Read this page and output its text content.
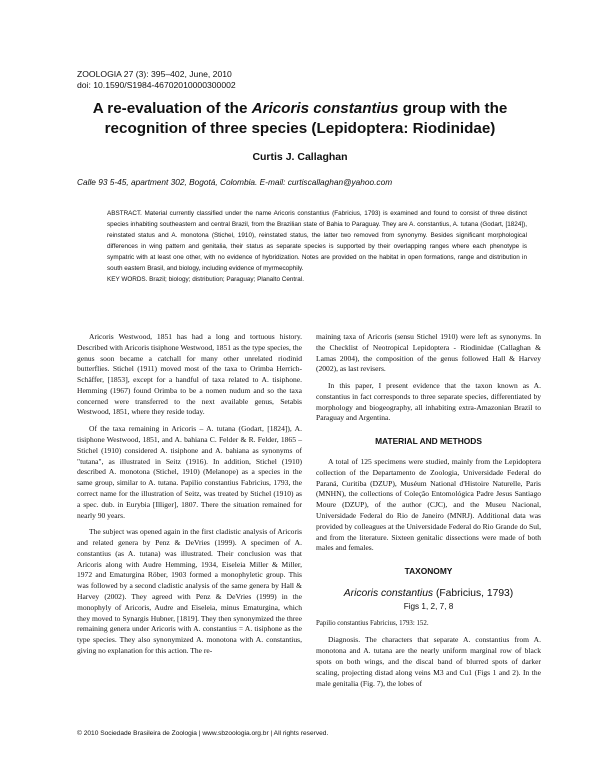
ZOOLOGIA 27 (3): 395–402, June, 2010
doi: 10.1590/S1984-46702010000300002
A re-evaluation of the Aricoris constantius group with the recognition of three species (Lepidoptera: Riodinidae)
Curtis J. Callaghan
Calle 93 5-45, apartment 302, Bogotá, Colombia. E-mail: curtiscallaghan@yahoo.com

ABSTRACT. Material currently classified under the name Aricoris constantius (Fabricius, 1793) is examined and found to consist of three distinct species inhabiting southeastern and central Brazil, from the Brazilian state of Bahia to Paraguay. They are A. constantius, A. tutana (Godart, [1824]), reinstated status and A. monotona (Stichel, 1910), reinstated status, the latter two removed from synonymy. Besides significant morphological differences in wing pattern and genitalia, their status as separate species is supported by their overlapping ranges where each phenotype is sympatric with at least one other, with no evidence of hybridization. Notes are provided on the habitat in open formations, range and distribution in south eastern Brasil, and biology, including evidence of myrmecophily.

KEY WORDS. Brazil; biology; distribution; Paraguay; Planalto Central.

Aricoris Westwood, 1851 has had a long and tortuous history. Described with Aricoris tisiphone Westwood, 1851 as the type species, the genus soon became a catchall for many other unrelated riodinid butterflies. Stichel (1911) moved most of the taxa to Orimba Herrich-Schäffer, [1853], except for a handful of taxa related to A. tisiphone. Hemming (1967) found Orimba to be a nomen nudum and so the taxa concerned were transferred to the next available genus, Setabis Westwood, 1851, where they reside today.

Of the taxa remaining in Aricoris – A. tutana (Godart, [1824]), A. tisiphone Westwood, 1851, and A. bahiana C. Felder & R. Felder, 1865 – Stichel (1910) considered A. tisiphone and A. bahiana as synonyms of "tutana", as illustrated in Seitz (1916). In addition, Stichel (1910) described A. monotona (Stichel, 1910) (Melanope) as a species in the same group, similar to A. tutana. Papilio constantius Fabricius, 1793, the correct name for the illustration of Seitz, was treated by Stichel (1910) as a spec. dub. in Eurybia [Illiger], 1807. There the situation remained for nearly 90 years.

The subject was opened again in the first cladistic analysis of Aricoris and related genera by Penz & DeVries (1999). A specimen of A. constantius (as A. tutana) was illustrated. Their conclusion was that Aricoris along with Audre Hemming, 1934, Eiseleia Miller & Miller, 1972 and Ematurgina Röber, 1903 formed a monophyletic group. This was followed by a second cladistic analysis of the same genera by Hall & Harvey (2002). They agreed with Penz & DeVries (1999) in the monophyly of Aricoris, Audre and Eiseleia, minus Ematurgina, which they moved to Synargis Hubner, [1819]. They then synonymized the three remaining genera under Aricoris with A. constantius = A. tisiphone as the type species. They also synonymized A. monotona with A. constantius, giving no explanation for this action. The re-

maining taxa of Aricoris (sensu Stichel 1910) were left as synonyms. In the Checklist of Neotropical Lepidoptera - Riodinidae (Callaghan & Lamas 2004), the composition of the genus followed Hall & Harvey (2002), as last revisers.

In this paper, I present evidence that the taxon known as A. constantius in fact corresponds to three separate species, differentiated by morphology and biogeography, all inhabiting extra-Amazonian Brazil to Paraguay and Argentina.

MATERIAL AND METHODS

A total of 125 specimens were studied, mainly from the Lepidoptera collection of the Departamento de Zoologia, Universidade Federal do Paraná, Curitiba (DZUP), Muséum National d'Histoire Naturelle, Paris (MNHN), the collections of Coleção Entomológica Padre Jesus Santiago Moure (DZUP), of the author (CJC), and the Museu Nacional, Universidade Federal do Rio de Janeiro (MNRJ). Additional data was provided by colleagues at the Universidade Federal do Rio Grande do Sul, and from the literature. Sixteen genitalic dissections were made of both males and females.

TAXONOMY
Aricoris constantius (Fabricius, 1793)
Figs 1, 2, 7, 8

Papilio constantius Fabricius, 1793: 152.

Diagnosis. The characters that separate A. constantius from A. monotona and A. tutana are the nearly uniform marginal row of black spots on both wings, and the discal band of blurred spots of darker scaling, projecting distad along veins M3 and Cu1 (Figs 1 and 2). In the male genitalia (Fig. 7), the lobes of

© 2010 Sociedade Brasileira de Zoologia | www.sbzoologia.org.br | All rights reserved.
